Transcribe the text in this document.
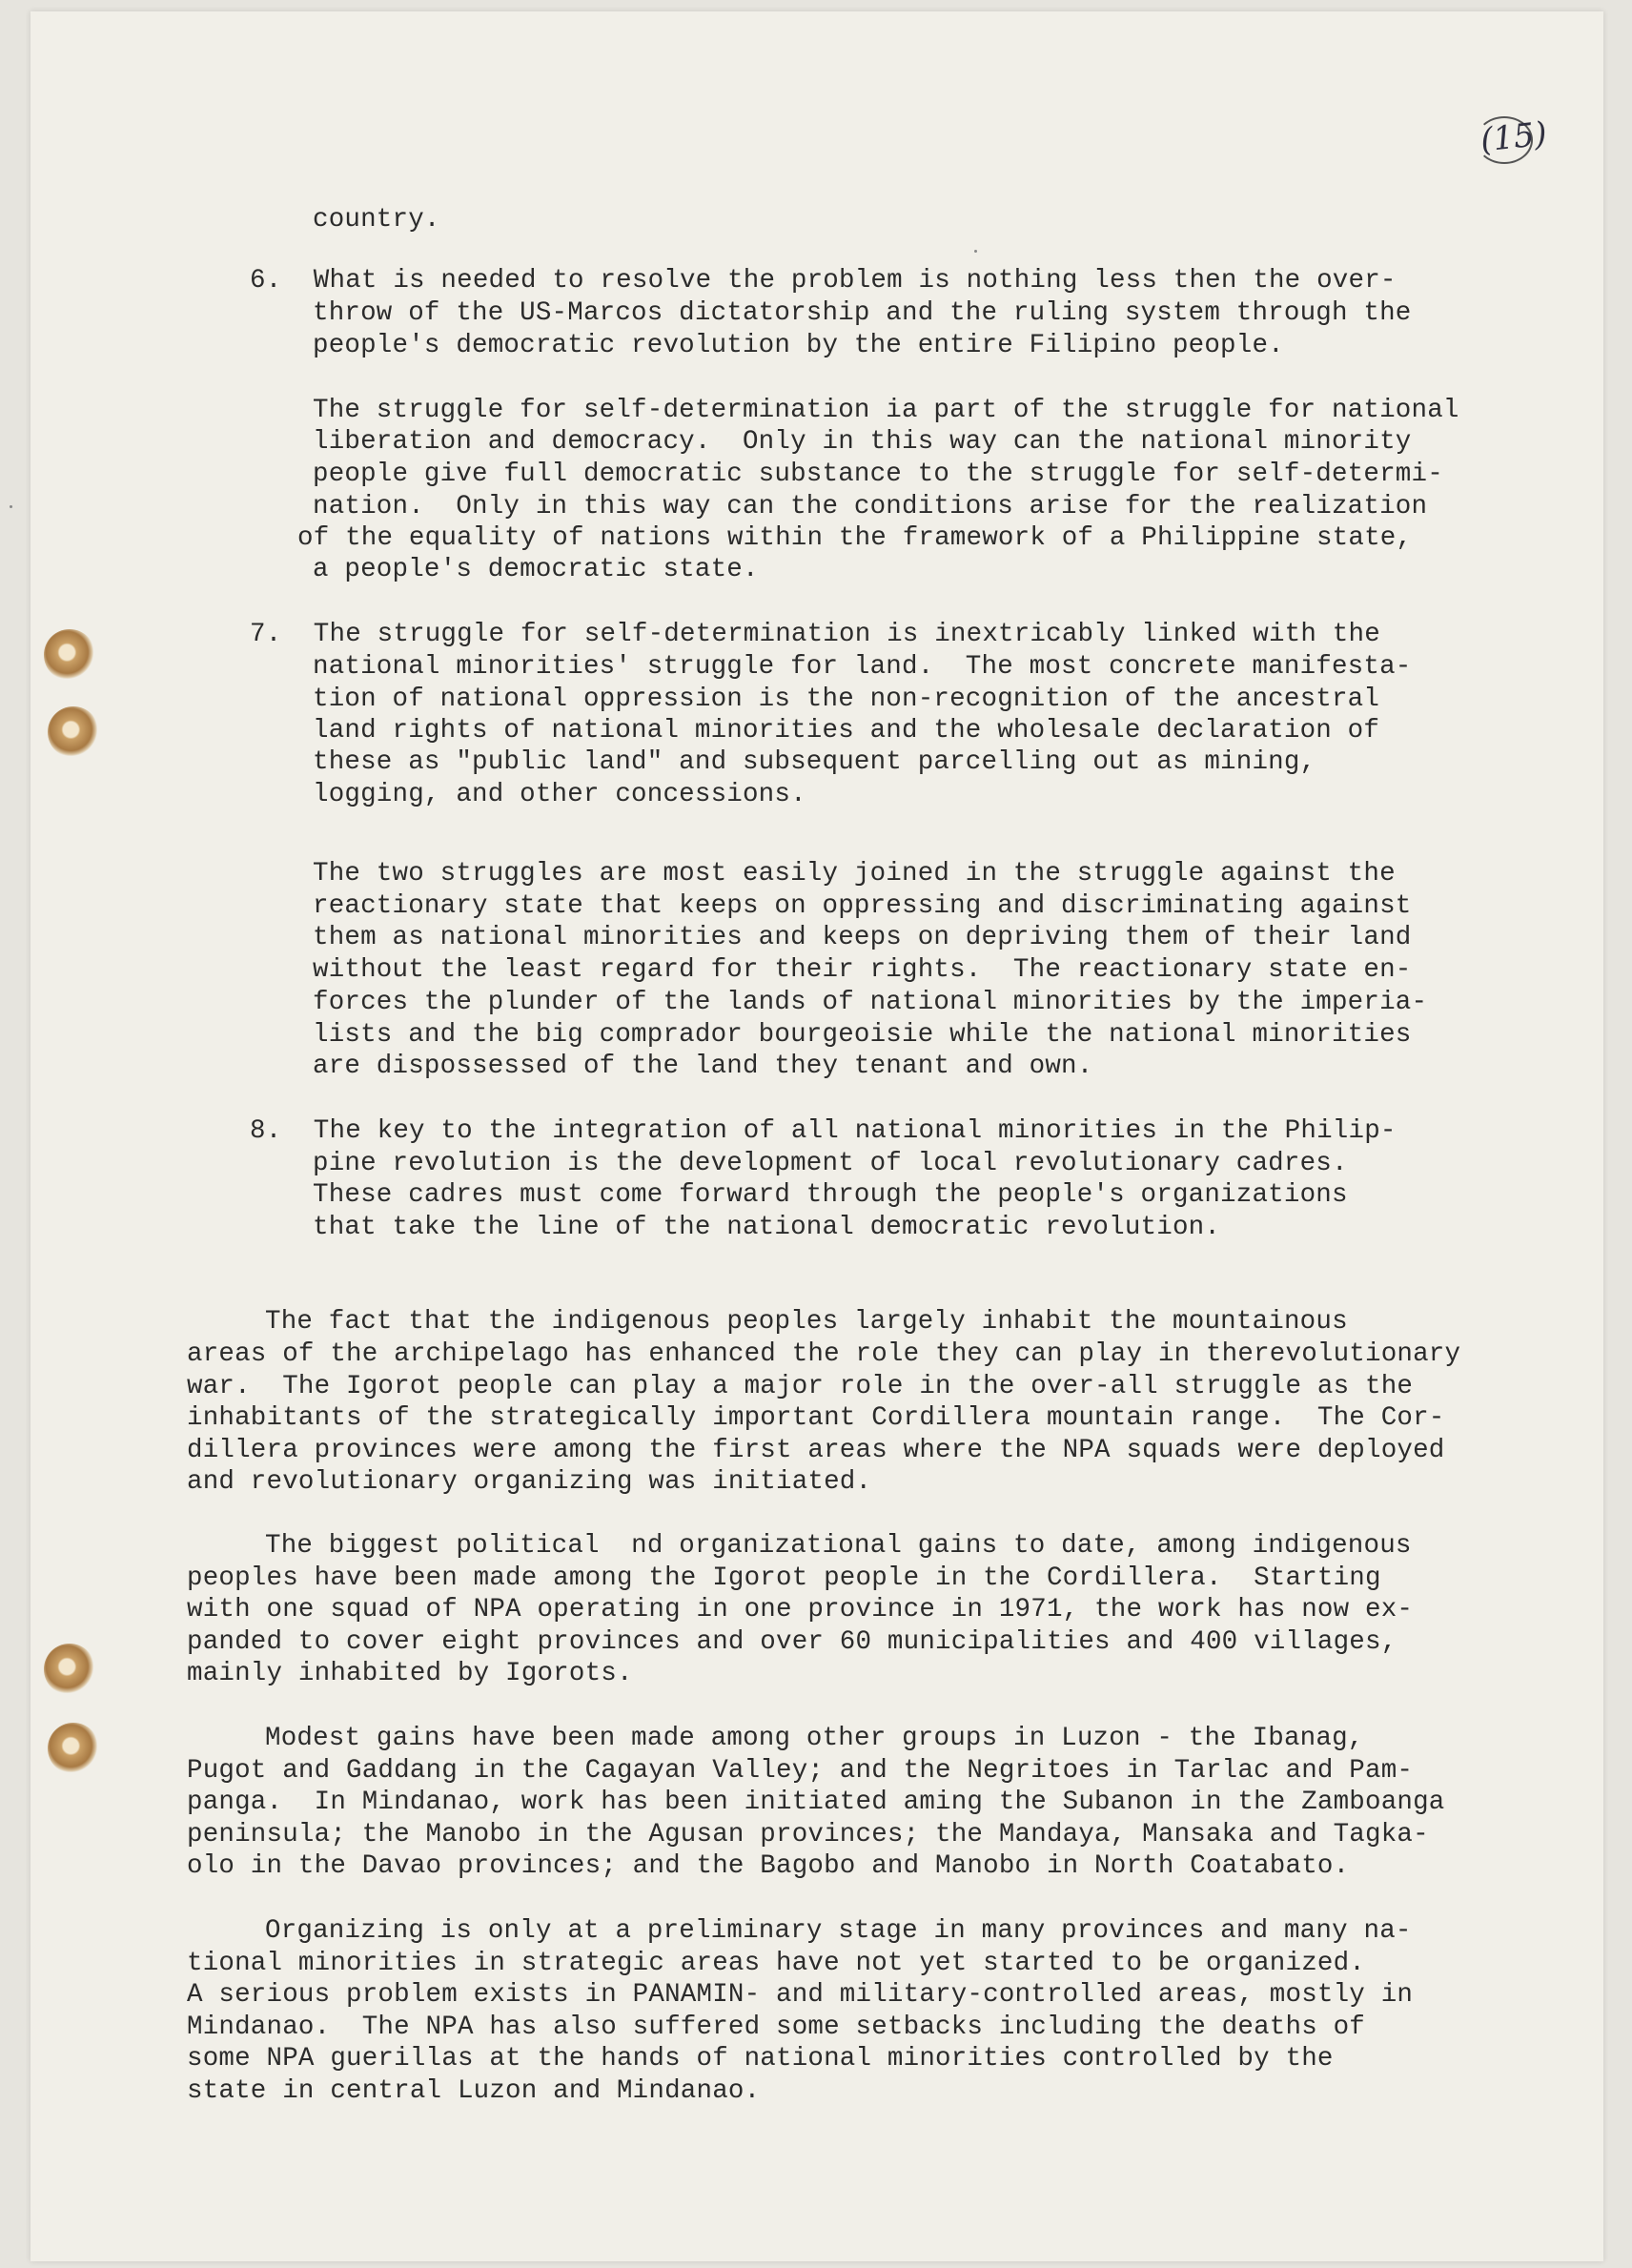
(15)
country.
6.  What is needed to resolve the problem is nothing less then the over-
throw of the US-Marcos dictatorship and the ruling system through the
people's democratic revolution by the entire Filipino people.
The struggle for self-determination ia part of the struggle for national
liberation and democracy.  Only in this way can the national minority
people give full democratic substance to the struggle for self-determi-
nation.  Only in this way can the conditions arise for the realization
of the equality of nations within the framework of a Philippine state,
a people's democratic state.
7.  The struggle for self-determination is inextricably linked with the
national minorities' struggle for land.  The most concrete manifesta-
tion of national oppression is the non-recognition of the ancestral
land rights of national minorities and the wholesale declaration of
these as "public land" and subsequent parcelling out as mining,
logging, and other concessions.
The two struggles are most easily joined in the struggle against the
reactionary state that keeps on oppressing and discriminating against
them as national minorities and keeps on depriving them of their land
without the least regard for their rights.  The reactionary state en-
forces the plunder of the lands of national minorities by the imperia-
lists and the big comprador bourgeoisie while the national minorities
are dispossessed of the land they tenant and own.
8.  The key to the integration of all national minorities in the Philip-
pine revolution is the development of local revolutionary cadres.
These cadres must come forward through the people's organizations
that take the line of the national democratic revolution.
The fact that the indigenous peoples largely inhabit the mountainous
areas of the archipelago has enhanced the role they can play in therevolutionary
war.  The Igorot people can play a major role in the over-all struggle as the
inhabitants of the strategically important Cordillera mountain range.  The Cor-
dillera provinces were among the first areas where the NPA squads were deployed
and revolutionary organizing was initiated.
The biggest political  nd organizational gains to date, among indigenous
peoples have been made among the Igorot people in the Cordillera.  Starting
with one squad of NPA operating in one province in 1971, the work has now ex-
panded to cover eight provinces and over 60 municipalities and 400 villages,
mainly inhabited by Igorots.
Modest gains have been made among other groups in Luzon - the Ibanag,
Pugot and Gaddang in the Cagayan Valley; and the Negritoes in Tarlac and Pam-
panga.  In Mindanao, work has been initiated aming the Subanon in the Zamboanga
peninsula; the Manobo in the Agusan provinces; the Mandaya, Mansaka and Tagka-
olo in the Davao provinces; and the Bagobo and Manobo in North Coatabato.
Organizing is only at a preliminary stage in many provinces and many na-
tional minorities in strategic areas have not yet started to be organized.
A serious problem exists in PANAMIN- and military-controlled areas, mostly in
Mindanao.  The NPA has also suffered some setbacks including the deaths of
some NPA guerillas at the hands of national minorities controlled by the
state in central Luzon and Mindanao.
